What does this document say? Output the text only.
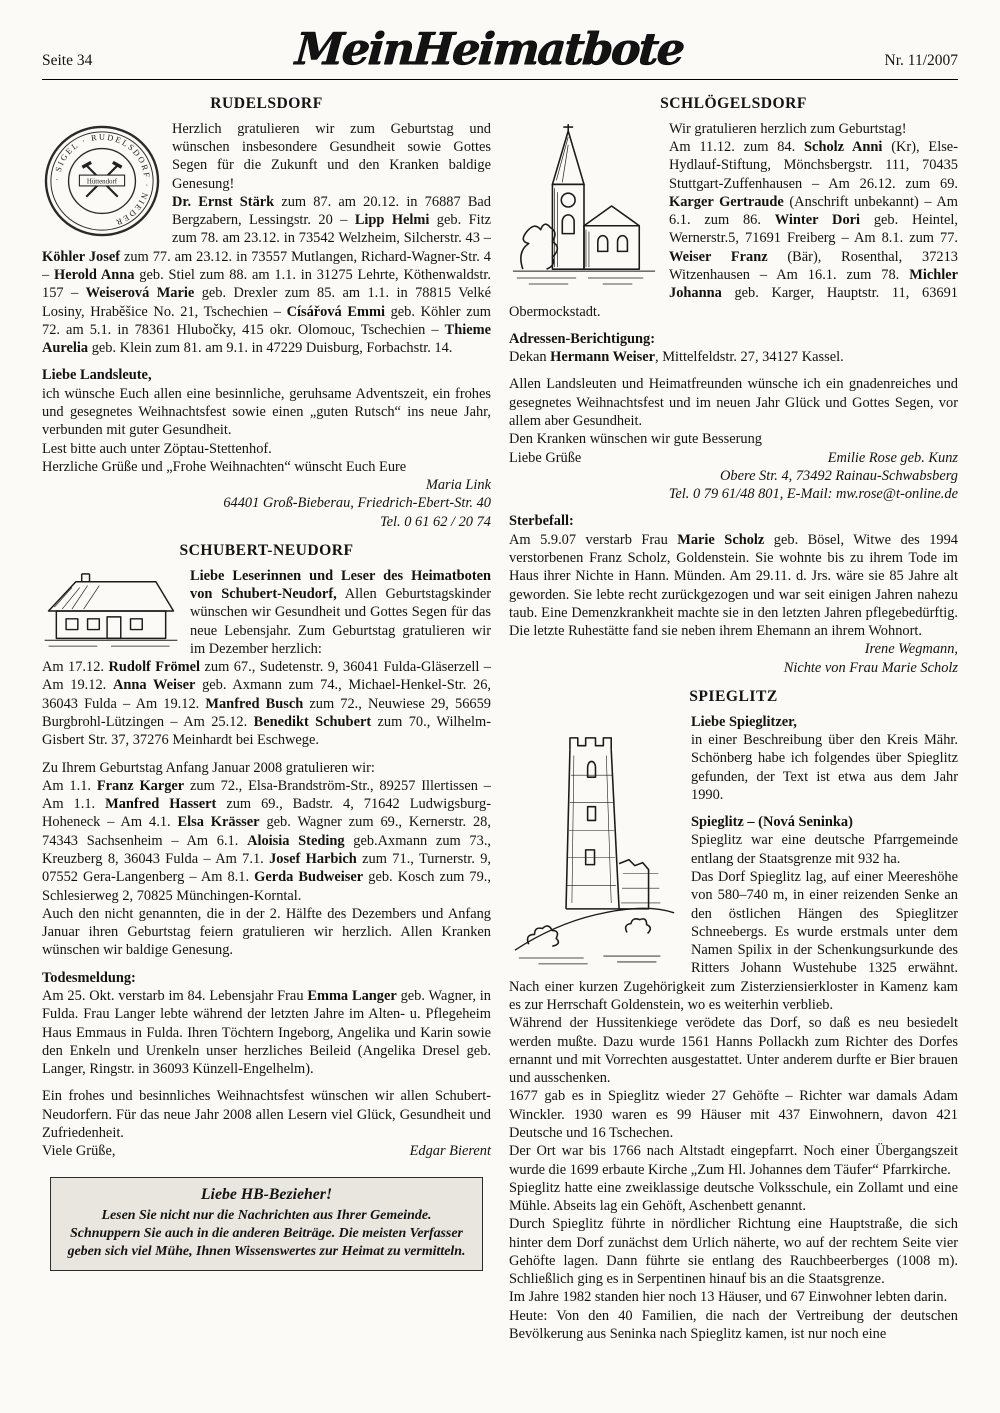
Seite 34	MeinHeimatbote	Nr. 11/2007
RUDELSDORF
· SIGEL · RUDELSDORF · NIEDER
Hüttendorf

Herzlich gratulieren wir zum Geburtstag und wünschen insbesondere Gesundheit sowie Gottes Segen für die Zukunft und den Kranken baldige Genesung!

Dr. Ernst Stärk zum 87. am 20.12. in 76887 Bad Bergzabern, Lessingstr. 20 – Lipp Helmi geb. Fitz zum 78. am 23.12. in 73542 Welzheim, Silcherstr. 43 – Köhler Josef zum 77. am 23.12. in 73557 Mutlangen, Richard-Wagner-Str. 4 – Herold Anna geb. Stiel zum 88. am 1.1. in 31275 Lehrte, Köthenwaldstr. 157 – Weiserová Marie geb. Drexler zum 85. am 1.1. in 78815 Velké Losiny, Hraběšice No. 21, Tschechien – Císářová Emmi geb. Köhler zum 72. am 5.1. in 78361 Hlubočky, 415 okr. Olomouc, Tschechien – Thieme Aurelia geb. Klein zum 81. am 9.1. in 47229 Duisburg, Forbachstr. 14.

Liebe Landsleute,

ich wünsche Euch allen eine besinnliche, geruhsame Adventszeit, ein frohes und gesegnetes Weihnachtsfest sowie einen „guten Rutsch“ ins neue Jahr, verbunden mit guter Gesundheit.

Lest bitte auch unter Zöptau-Stettenhof.

Herzliche Grüße und „Frohe Weihnachten“ wünscht Euch Eure

Maria Link

64401 Groß-Bieberau, Friedrich-Ebert-Str. 40

Tel. 0 61 62 / 20 74

SCHUBERT-NEUDORF

Liebe Leserinnen und Leser des Heimatboten von Schubert-Neudorf, Allen Geburtstagskinder wünschen wir Gesundheit und Gottes Segen für das neue Lebensjahr. Zum Geburtstag gratulieren wir im Dezember herzlich:

Am 17.12. Rudolf Frömel zum 67., Sudetenstr. 9, 36041 Fulda-Gläserzell – Am 19.12. Anna Weiser geb. Axmann zum 74., Michael-Henkel-Str. 26, 36043 Fulda – Am 19.12. Manfred Busch zum 72., Neuwiese 29, 56659 Burgbrohl-Lützingen – Am 25.12. Benedikt Schubert zum 70., Wilhelm-Gisbert Str. 37, 37276 Meinhardt bei Eschwege.

Zu Ihrem Geburtstag Anfang Januar 2008 gratulieren wir:

Am 1.1. Franz Karger zum 72., Elsa-Brandström-Str., 89257 Illertissen – Am 1.1. Manfred Hassert zum 69., Badstr. 4, 71642 Ludwigsburg-Hoheneck – Am 4.1. Elsa Krässer geb. Wagner zum 69., Kernerstr. 28, 74343 Sachsenheim – Am 6.1. Aloisia Steding geb.Axmann zum 73., Kreuzberg 8, 36043 Fulda – Am 7.1. Josef Harbich zum 71., Turnerstr. 9, 07552 Gera-Langenberg – Am 8.1. Gerda Budweiser geb. Kosch zum 79., Schlesierweg 2, 70825 Münchingen-Korntal.

Auch den nicht genannten, die in der 2. Hälfte des Dezembers und Anfang Januar ihren Geburtstag feiern gratulieren wir herzlich. Allen Kranken wünschen wir baldige Genesung.

Todesmeldung:

Am 25. Okt. verstarb im 84. Lebensjahr Frau Emma Langer geb. Wagner, in Fulda. Frau Langer lebte während der letzten Jahre im Alten- u. Pflegeheim Haus Emmaus in Fulda. Ihren Töchtern Ingeborg, Angelika und Karin sowie den Enkeln und Urenkeln unser herzliches Beileid (Angelika Dresel geb. Langer, Ringstr. in 36093 Künzell-Engelhelm).

Ein frohes und besinnliches Weihnachtsfest wünschen wir allen Schubert-Neudorfern. Für das neue Jahr 2008 allen Lesern viel Glück, Gesundheit und Zufriedenheit.

Viele Grüße,	Edgar Bierent
Liebe HB-Bezieher!
Lesen Sie nicht nur die Nachrichten aus Ihrer Gemeinde.
Schnuppern Sie auch in die anderen Beiträge. Die meisten Verfasser geben sich viel Mühe, Ihnen Wissenswertes zur Heimat zu vermitteln.
SCHLÖGELSDORF

Wir gratulieren herzlich zum Geburtstag!

Am 11.12. zum 84. Scholz Anni (Kr), Else-Hydlauf-Stiftung, Mönchsbergstr. 111, 70435 Stuttgart-Zuffenhausen – Am 26.12. zum 69. Karger Gertraude (Anschrift unbekannt) – Am 6.1. zum 86. Winter Dori geb. Heintel, Wernerstr.5, 71691 Freiberg – Am 8.1. zum 77. Weiser Franz (Bär), Rosenthal, 37213 Witzenhausen – Am 16.1. zum 78. Michler Johanna geb. Karger, Hauptstr. 11, 63691 Obermockstadt.

Adressen-Berichtigung:

Dekan Hermann Weiser, Mittelfeldstr. 27, 34127 Kassel.

Allen Landsleuten und Heimatfreunden wünsche ich ein gnadenreiches und gesegnetes Weihnachtsfest und im neuen Jahr Glück und Gottes Segen, vor allem aber Gesundheit.

Den Kranken wünschen wir gute Besserung

Liebe Grüße	Emilie Rose geb. Kunz

Obere Str. 4, 73492 Rainau-Schwabsberg

Tel. 0 79 61/48 801, E-Mail: mw.rose@t-online.de

Sterbefall:

Am 5.9.07 verstarb Frau Marie Scholz geb. Bösel, Witwe des 1994 verstorbenen Franz Scholz, Goldenstein. Sie wohnte bis zu ihrem Tode im Haus ihrer Nichte in Hann. Münden. Am 29.11. d. Jrs. wäre sie 85 Jahre alt geworden. Sie lebte recht zurückgezogen und war seit einigen Jahren nahezu taub. Eine Demenzkrankheit machte sie in den letzten Jahren pflegebedürftig. Die letzte Ruhestätte fand sie neben ihrem Ehemann an ihrem Wohnort.

Irene Wegmann,

Nichte von Frau Marie Scholz

SPIEGLITZ

Liebe Spieglitzer,

in einer Beschreibung über den Kreis Mähr. Schönberg habe ich folgendes über Spieglitz gefunden, der Text ist etwa aus dem Jahr 1990.

Spieglitz – (Nová Seninka)

Spieglitz war eine deutsche Pfarrgemeinde entlang der Staatsgrenze mit 932 ha.

Das Dorf Spieglitz lag, auf einer Meereshöhe von 580–740 m, in einer reizenden Senke an den östlichen Hängen des Spieglitzer Schneebergs. Es wurde erstmals unter dem Namen Spilix in der Schenkungsurkunde des Ritters Johann Wustehube 1325 erwähnt. Nach einer kurzen Zugehörigkeit zum Zisterziensierkloster in Kamenz kam es zur Herrschaft Goldenstein, wo es weiterhin verblieb.

Während der Hussitenkiege verödete das Dorf, so daß es neu besiedelt werden mußte. Dazu wurde 1561 Hanns Pollackh zum Richter des Dorfes ernannt und mit Vorrechten ausgestattet. Unter anderem durfte er Bier brauen und ausschenken.

1677 gab es in Spieglitz wieder 27 Gehöfte – Richter war damals Adam Winckler. 1930 waren es 99 Häuser mit 437 Einwohnern, davon 421 Deutsche und 16 Tschechen.

Der Ort war bis 1766 nach Altstadt eingepfarrt. Noch einer Übergangszeit wurde die 1699 erbaute Kirche „Zum Hl. Johannes dem Täufer“ Pfarrkirche.

Spieglitz hatte eine zweiklassige deutsche Volksschule, ein Zollamt und eine Mühle. Abseits lag ein Gehöft, Aschenbett genannt.

Durch Spieglitz führte in nördlicher Richtung eine Hauptstraße, die sich hinter dem Dorf zunächst dem Urlich näherte, wo auf der rechtem Seite vier Gehöfte lagen. Dann führte sie entlang des Rauchbeerberges (1008 m). Schließlich ging es in Serpentinen hinauf bis an die Staatsgrenze.

Im Jahre 1982 standen hier noch 13 Häuser, und 67 Einwohner lebten darin.

Heute: Von den 40 Familien, die nach der Vertreibung der deutschen Bevölkerung aus Seninka nach Spieglitz kamen, ist nur noch eine
